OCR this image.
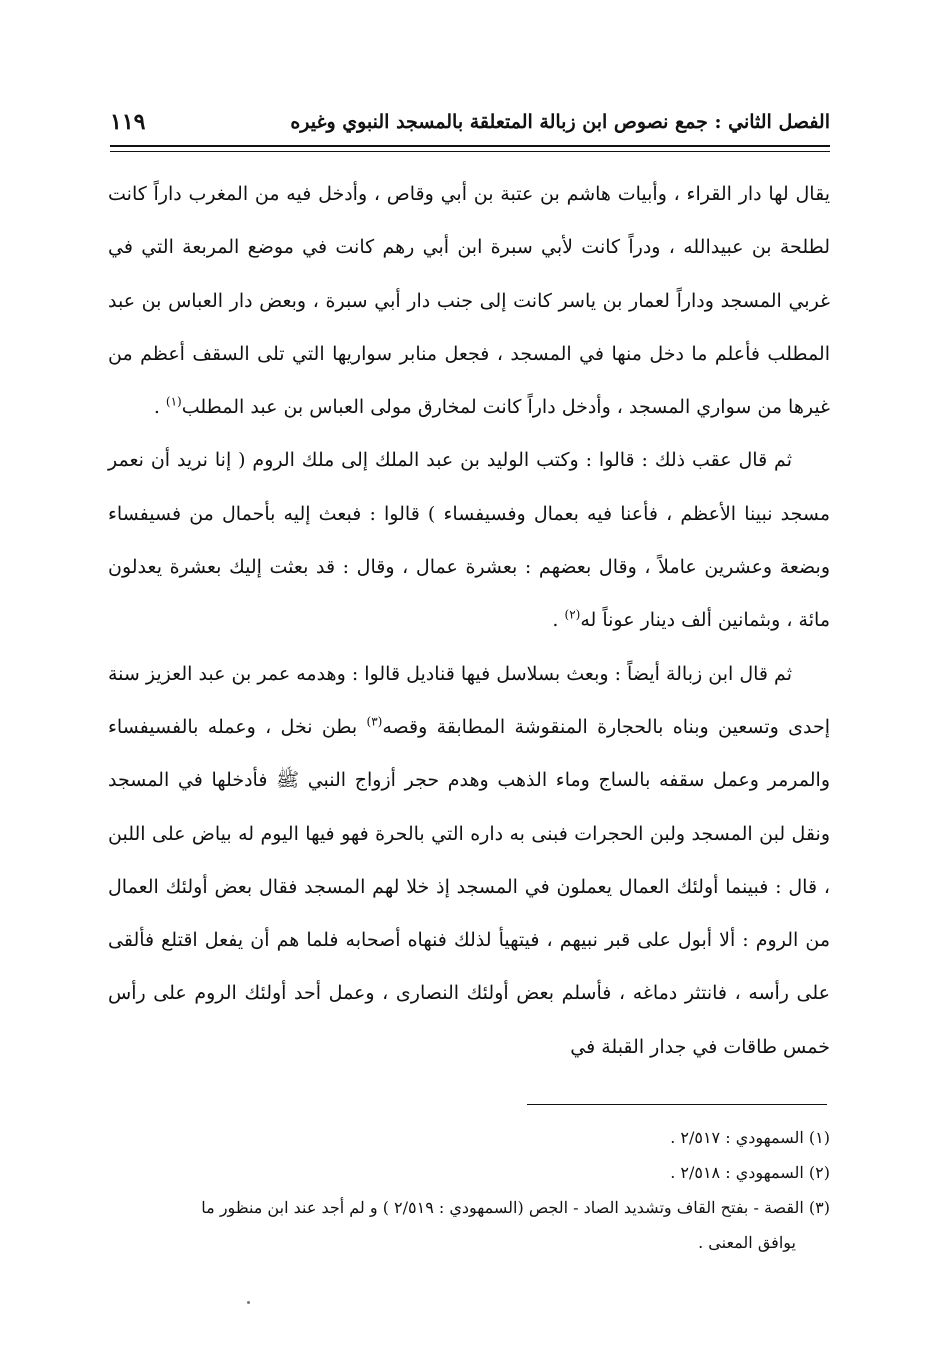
الفصل الثاني : جمع نصوص ابن زبالة المتعلقة بالمسجد النبوي وغيره
١١٩

يقال لها دار القراء ، وأبيات هاشم بن عتبة بن أبي وقاص ، وأدخل فيه من المغرب داراً كانت لطلحة بن عبيدالله ، ودراً كانت لأبي سبرة ابن أبي رهم كانت في موضع المربعة التي في غربي المسجد وداراً لعمار بن ياسر كانت إلى جنب دار أبي سبرة ، وبعض دار العباس بن عبد المطلب فأعلم ما دخل منها في المسجد ، فجعل منابر سواريها التي تلى السقف أعظم من غيرها من سواري المسجد ، وأدخل داراً كانت لمخارق مولى العباس بن عبد المطلب$^{(١)}$ .

ثم قال عقب ذلك : قالوا : وكتب الوليد بن عبد الملك إلى ملك الروم ( إنا نريد أن نعمر مسجد نبينا الأعظم ، فأعنا فيه بعمال وفسيفساء ) قالوا : فبعث إليه بأحمال من فسيفساء وبضعة وعشرين عاملاً ، وقال بعضهم : بعشرة عمال ، وقال : قد بعثت إليك بعشرة يعدلون مائة ، وبثمانين ألف دينار عوناً له$^{(٢)}$ .

ثم قال ابن زبالة أيضاً : وبعث بسلاسل فيها قناديل قالوا : وهدمه عمر بن عبد العزيز سنة إحدى وتسعين وبناه بالحجارة المنقوشة المطابقة وقصه$^{(٣)}$ بطن نخل ، وعمله بالفسيفساء والمرمر وعمل سقفه بالساج وماء الذهب وهدم حجر أزواج النبي ﷺ فأدخلها في المسجد ونقل لبن المسجد ولبن الحجرات فبنى به داره التي بالحرة فهو فيها اليوم له بياض على اللبن ، قال : فبينما أولئك العمال يعملون في المسجد إذ خلا لهم المسجد فقال بعض أولئك العمال من الروم : ألا أبول على قبر نبيهم ، فيتهيأ لذلك فنهاه أصحابه فلما هم أن يفعل اقتلع فألقى على رأسه ، فانتثر دماغه ، فأسلم بعض أولئك النصارى ، وعمل أحد أولئك الروم على رأس خمس طاقات في جدار القبلة في

(١) السمهودي : ٢/٥١٧ .

(٢) السمهودي : ٢/٥١٨ .

(٣) القصة - بفتح القاف وتشديد الصاد - الجص (السمهودي : ٢/٥١٩ ) و لم أجد عند ابن منظور ما

يوافق المعنى .
